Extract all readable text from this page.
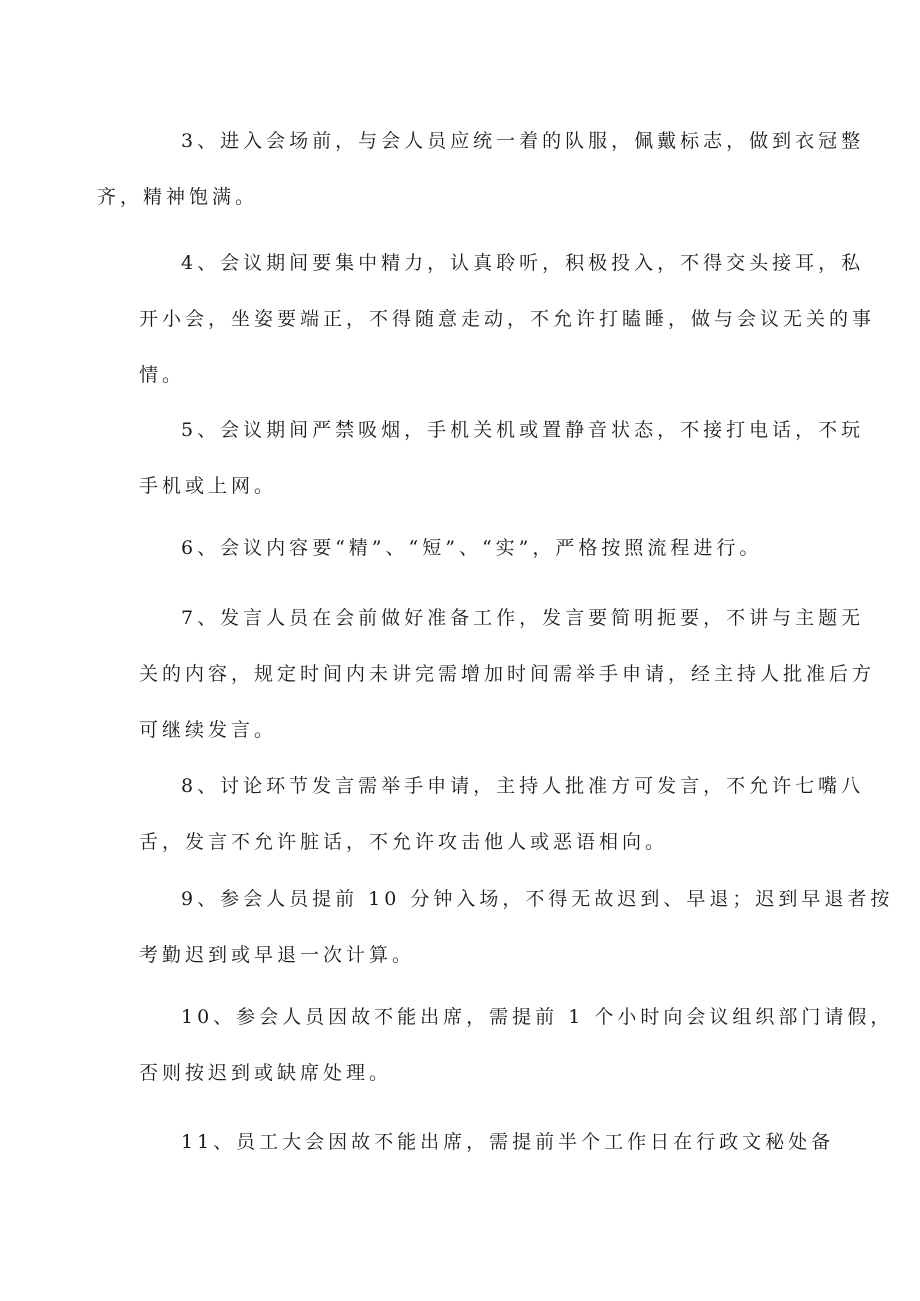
3、进入会场前，与会人员应统一着的队服，佩戴标志，做到衣冠整
齐，精神饱满。
4、会议期间要集中精力，认真聆听，积极投入，不得交头接耳，私
开小会，坐姿要端正，不得随意走动，不允许打瞌睡，做与会议无关的事
情。
5、会议期间严禁吸烟，手机关机或置静音状态，不接打电话，不玩
手机或上网。
6、会议内容要“精”、“短”、“实”，严格按照流程进行。
7、发言人员在会前做好准备工作，发言要简明扼要，不讲与主题无
关的内容，规定时间内未讲完需增加时间需举手申请，经主持人批准后方
可继续发言。
8、讨论环节发言需举手申请，主持人批准方可发言，不允许七嘴八
舌，发言不允许脏话，不允许攻击他人或恶语相向。
9、参会人员提前 10 分钟入场，不得无故迟到、早退；迟到早退者按
考勤迟到或早退一次计算。
10、参会人员因故不能出席，需提前 1 个小时向会议组织部门请假，
否则按迟到或缺席处理。
11、员工大会因故不能出席，需提前半个工作日在行政文秘处备
